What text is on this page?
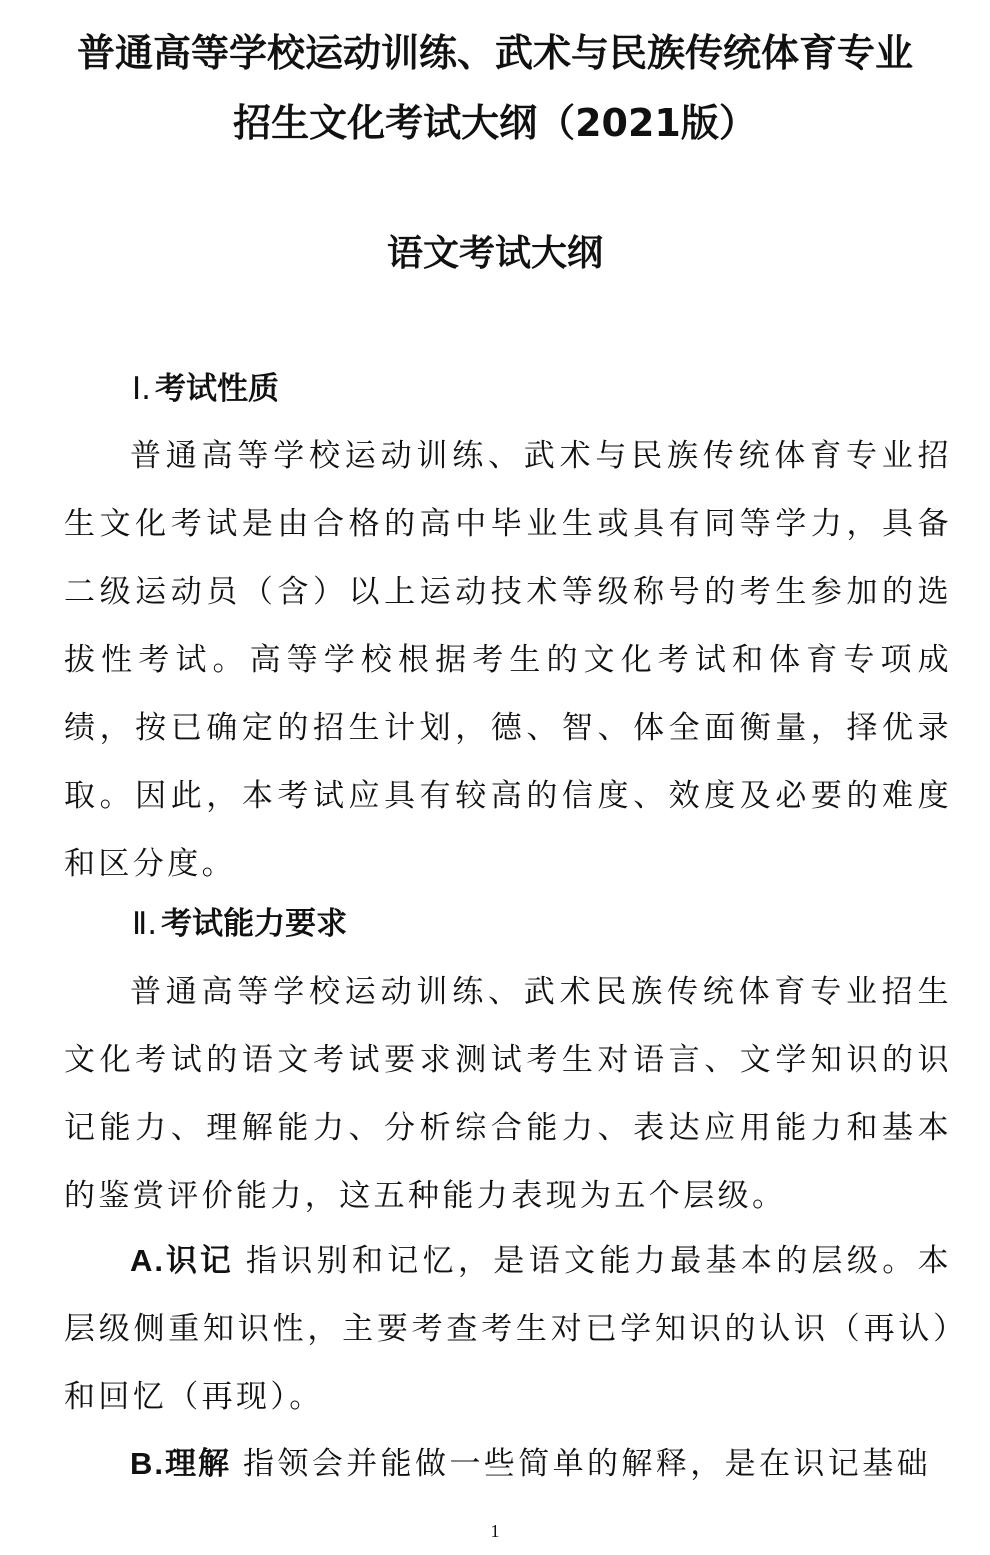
普通高等学校运动训练、武术与民族传统体育专业
招生文化考试大纲（2021版）
语文考试大纲
Ⅰ. 考试性质
普通高等学校运动训练、武术与民族传统体育专业招生文化考试是由合格的高中毕业生或具有同等学力，具备二级运动员（含）以上运动技术等级称号的考生参加的选拔性考试。高等学校根据考生的文化考试和体育专项成绩，按已确定的招生计划，德、智、体全面衡量，择优录取。因此，本考试应具有较高的信度、效度及必要的难度和区分度。
Ⅱ. 考试能力要求
普通高等学校运动训练、武术民族传统体育专业招生文化考试的语文考试要求测试考生对语言、文学知识的识记能力、理解能力、分析综合能力、表达应用能力和基本的鉴赏评价能力，这五种能力表现为五个层级。
A.识记 指识别和记忆，是语文能力最基本的层级。本层级侧重知识性，主要考查考生对已学知识的认识（再认）和回忆（再现）。
B.理解 指领会并能做一些简单的解释，是在识记基础
1
